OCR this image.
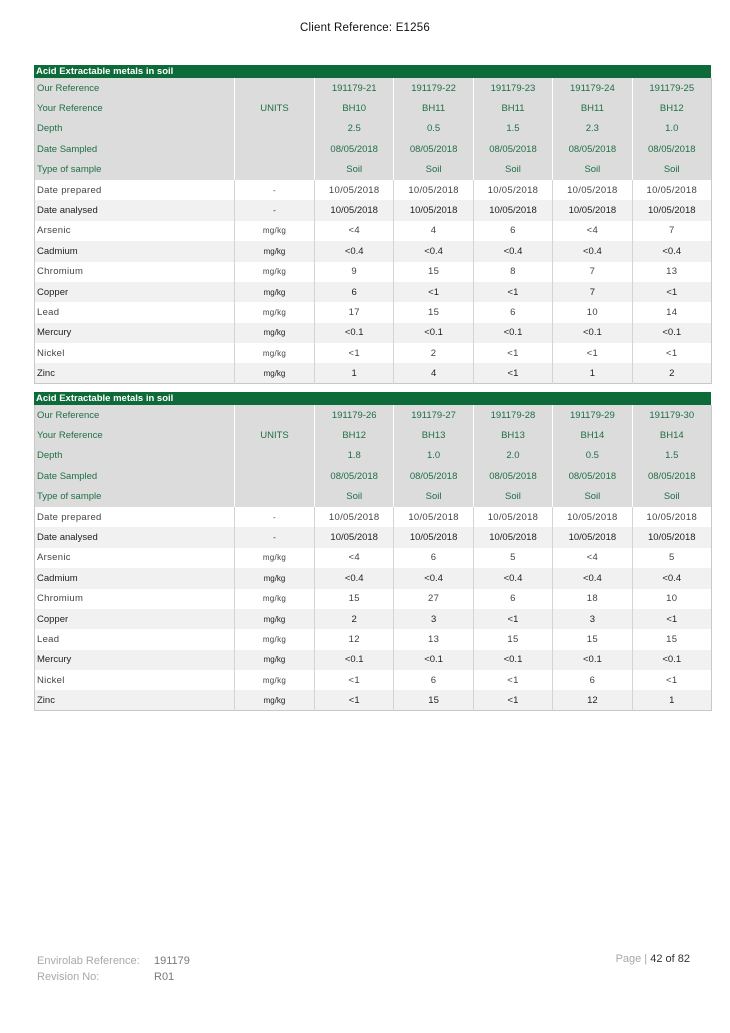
Client Reference: E1256
Acid Extractable metals in soil
Our Reference		191179-21	191179-22	191179-23	191179-24	191179-25
Your Reference	UNITS	BH10	BH11	BH11	BH11	BH12
Depth		2.5	0.5	1.5	2.3	1.0
Date Sampled		08/05/2018	08/05/2018	08/05/2018	08/05/2018	08/05/2018
Type of sample		Soil	Soil	Soil	Soil	Soil
Date prepared	-	10/05/2018	10/05/2018	10/05/2018	10/05/2018	10/05/2018
Date analysed	-	10/05/2018	10/05/2018	10/05/2018	10/05/2018	10/05/2018
Arsenic	mg/kg	<4	4	6	<4	7
Cadmium	mg/kg	<0.4	<0.4	<0.4	<0.4	<0.4
Chromium	mg/kg	9	15	8	7	13
Copper	mg/kg	6	<1	<1	7	<1
Lead	mg/kg	17	15	6	10	14
Mercury	mg/kg	<0.1	<0.1	<0.1	<0.1	<0.1
Nickel	mg/kg	<1	2	<1	<1	<1
Zinc	mg/kg	1	4	<1	1	2
Acid Extractable metals in soil
Our Reference		191179-26	191179-27	191179-28	191179-29	191179-30
Your Reference	UNITS	BH12	BH13	BH13	BH14	BH14
Depth		1.8	1.0	2.0	0.5	1.5
Date Sampled		08/05/2018	08/05/2018	08/05/2018	08/05/2018	08/05/2018
Type of sample		Soil	Soil	Soil	Soil	Soil
Date prepared	-	10/05/2018	10/05/2018	10/05/2018	10/05/2018	10/05/2018
Date analysed	-	10/05/2018	10/05/2018	10/05/2018	10/05/2018	10/05/2018
Arsenic	mg/kg	<4	6	5	<4	5
Cadmium	mg/kg	<0.4	<0.4	<0.4	<0.4	<0.4
Chromium	mg/kg	15	27	6	18	10
Copper	mg/kg	2	3	<1	3	<1
Lead	mg/kg	12	13	15	15	15
Mercury	mg/kg	<0.1	<0.1	<0.1	<0.1	<0.1
Nickel	mg/kg	<1	6	<1	6	<1
Zinc	mg/kg	<1	15	<1	12	1
Envirolab Reference: 191179
Revision No:	R01
Page | 42 of 82
